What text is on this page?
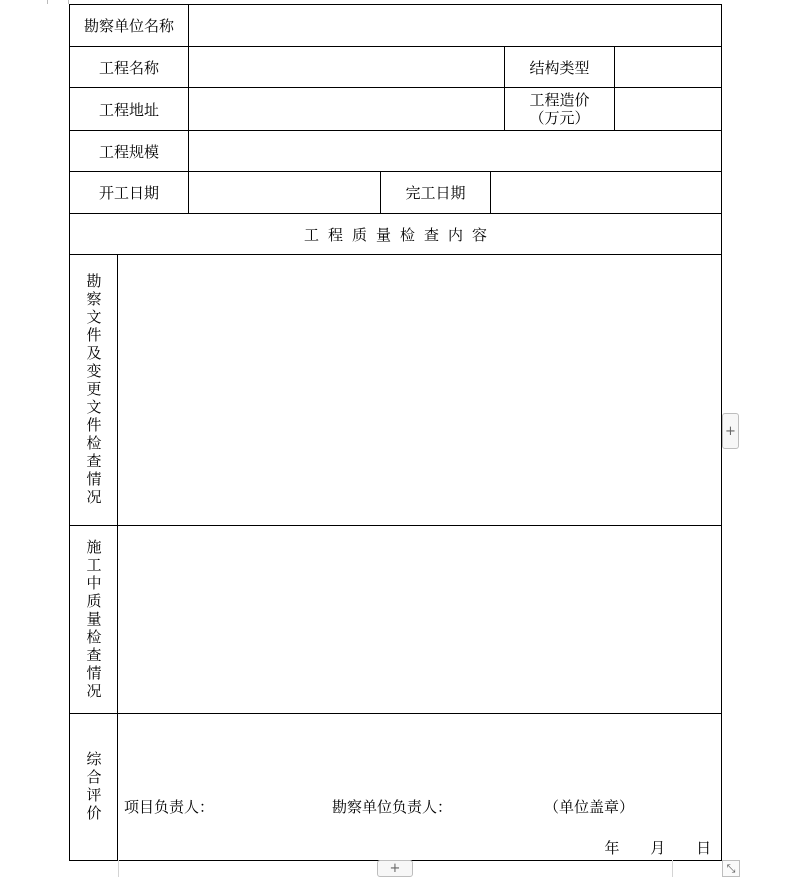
勘察单位名称						
工程名称					结构类型	
工程地址					工程造价
（万元）	

工程规模						
开工日期			完工日期			
工程质量检查内容						

勘察文件及变更文件检查情况						

施工中质量检查情况						

综合评价	项目负责人： 勘察单位负责人： （单位盖章）
年 月 日					
+
+	⤡
